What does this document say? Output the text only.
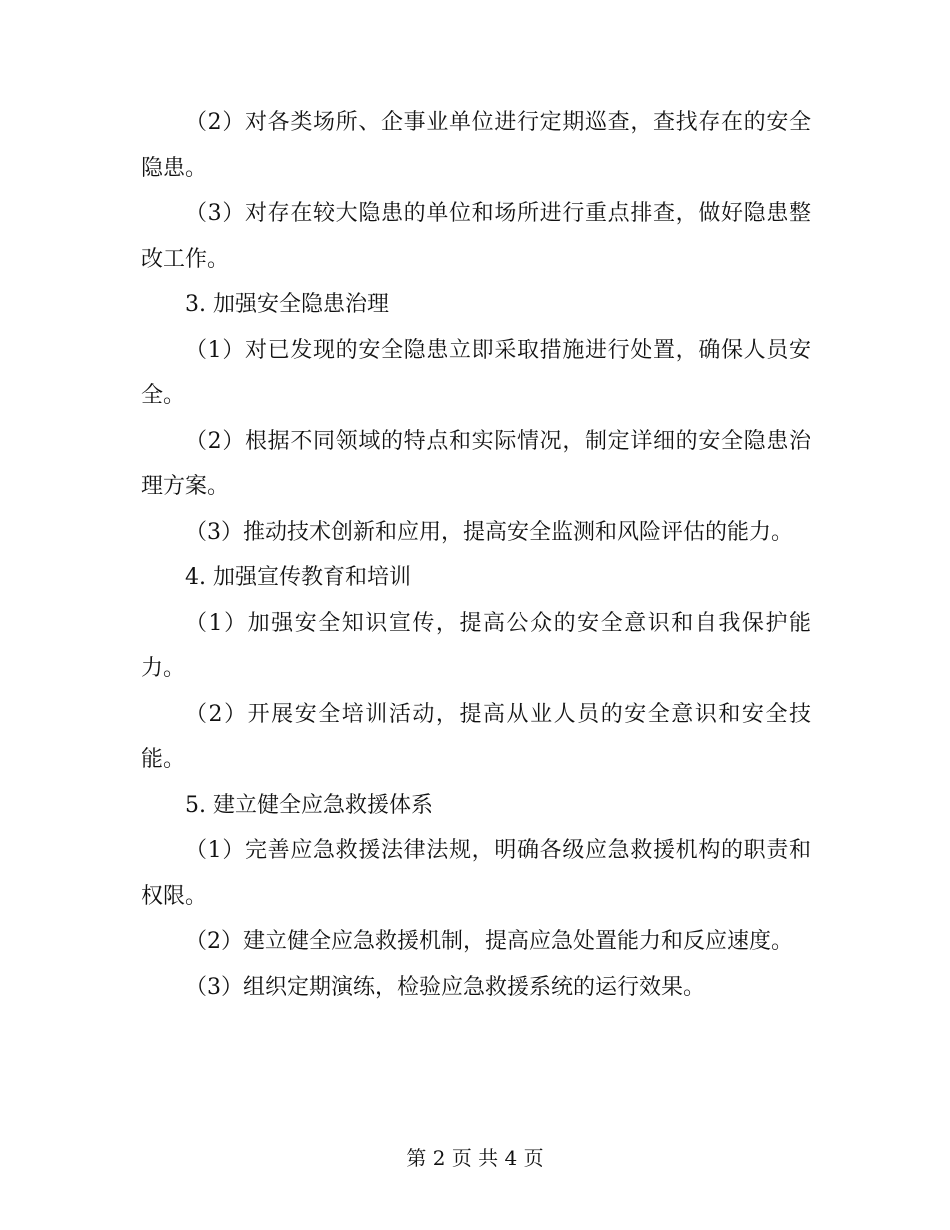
（2）对各类场所、企事业单位进行定期巡查，查找存在的安全隐患。

（3）对存在较大隐患的单位和场所进行重点排查，做好隐患整改工作。

3. 加强安全隐患治理

（1）对已发现的安全隐患立即采取措施进行处置，确保人员安全。

（2）根据不同领域的特点和实际情况，制定详细的安全隐患治理方案。

（3）推动技术创新和应用，提高安全监测和风险评估的能力。

4. 加强宣传教育和培训

（1）加强安全知识宣传，提高公众的安全意识和自我保护能力。

（2）开展安全培训活动，提高从业人员的安全意识和安全技能。

5. 建立健全应急救援体系

（1）完善应急救援法律法规，明确各级应急救援机构的职责和权限。

（2）建立健全应急救援机制，提高应急处置能力和反应速度。

（3）组织定期演练，检验应急救援系统的运行效果。

第 2 页 共 4 页
